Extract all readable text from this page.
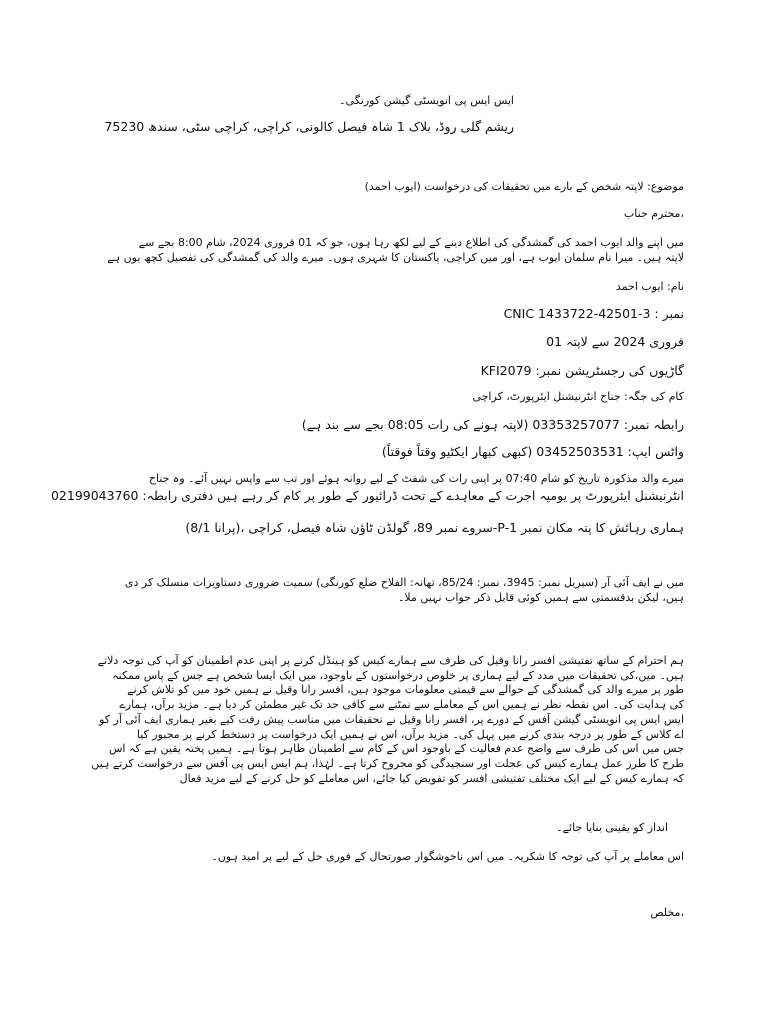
ایس ایس پی انویسٹی گیشن کورنگی۔

ریشم گلی روڈ، بلاک 1 شاہ فیصل کالونی، کراچی، کراچی سٹی، سندھ 75230

موضوع: لاپتہ شخص کے بارے میں تحقیقات کی درخواست (ایوب احمد)

،محترم جناب

میں اپنے والد ایوب احمد کی گمشدگی کی اطلاع دینے کے لیے لکھ رہا ہوں، جو کہ 01 فروری 2024، شام 8:00 بجے سے
لاپتہ ہیں۔ میرا نام سلمان ایوب ہے، اور میں کراچی، پاکستان کا شہری ہوں۔ میرے والد کی گمشدگی کی تفصیل کچھ یوں ہے

نام: ایوب احمد

CNIC نمبر : 3-42501-1433722

فروری 2024 سے لاپتہ 01

KFI2079 :گاڑیوں کی رجسٹریشن نمبر

کام کی جگہ: جناح انٹرنیشنل ایئرپورٹ، کراچی

رابطہ نمبر: 03353257077 (لاپتہ ہونے کی رات 08:05 بجے سے بند ہے)

واٹس ایپ: 03452503531 (کبھی کبھار ایکٹیو وقتاً فوقتاً)

میرے والد مذکورہ تاریخ کو شام 07:40 پر اپنی رات کی شفٹ کے لیے روانہ ہوئے اور تب سے واپس نہیں آئے۔ وہ جناح
انٹرنیشنل ایئرپورٹ پر یومیہ اجرت کے معاہدے کے تحت ڈرائیور کے طور پر کام کر رہے ہیں دفتری رابطہ: 02199043760

ہماری رہائش کا پتہ مکان نمبر P-1-سروے نمبر 89، گولڈن ٹاؤن شاہ فیصل، کراچی ،(پرانا 8/1)

میں نے ایف آئی آر (سیریل نمبر: 3945، نمبر: 85/24، تھانہ: الفلاح ضلع کورنگی) سمیت ضروری دستاویزات منسلک کر دی
ہیں، لیکن بدقسمتی سے ہمیں کوئی قابل ذکر جواب نہیں ملا۔
ہم احترام کے ساتھ تفتیشی افسر رانا وقیل کی طرف سے ہمارے کیس کو ہینڈل کرنے پر اپنی عدم اطمینان کو آپ کی توجہ دلاتے
ہیں۔ میں،کی تحقیقات میں مدد کے لیے ہماری پر خلوص درخواستوں کے باوجود، میں ایک ایسا شخص ہے جس کے پاس ممکنہ
طور پر میرے والد کی گمشدگی کے حوالے سے قیمتی معلومات موجود ہیں، افسر رانا وقیل نے ہمیں خود میں کو تلاش کرنے
کی ہدایت کی۔ اس نقطہ نظر نے ہمیں اس کے معاملے سے نمٹنے سے کافی حد تک غیر مطمئن کر دیا ہے۔ مزید برآں، ہمارے
ایس ایس پی انویسٹی گیشن آفس کے دورے پر، افسر رانا وقیل نے تحقیقات میں مناسب پیش رفت کیے بغیر ہماری ایف آئی آر کو
اے کلاس کے طور پر درجہ بندی کرنے میں پہل کی۔ مزید برآں، اس نے ہمیں ایک درخواست پر دستخط کرنے پر مجبور کیا
جس میں اس کی طرف سے واضح عدم فعالیت کے باوجود اس کے کام سے اطمینان ظاہر ہوتا ہے۔ ہمیں پختہ یقین ہے کہ اس
طرح کا طرز عمل ہمارے کیس کی عجلت اور سنجیدگی کو مجروح کرتا ہے۔ لہٰذا، ہم ایس ایس پی آفس سے درخواست کرتے ہیں
کہ ہمارے کیس کے لیے ایک مختلف تفتیشی افسر کو تفویض کیا جائے، اس معاملے کو حل کرنے کے لیے مزید فعال

انداز کو یقینی بنایا جائے۔

اس معاملے پر آپ کی توجہ کا شکریہ۔ میں اس ناخوشگوار صورتحال کے فوری حل کے لیے پر امید ہوں۔

،مخلص
